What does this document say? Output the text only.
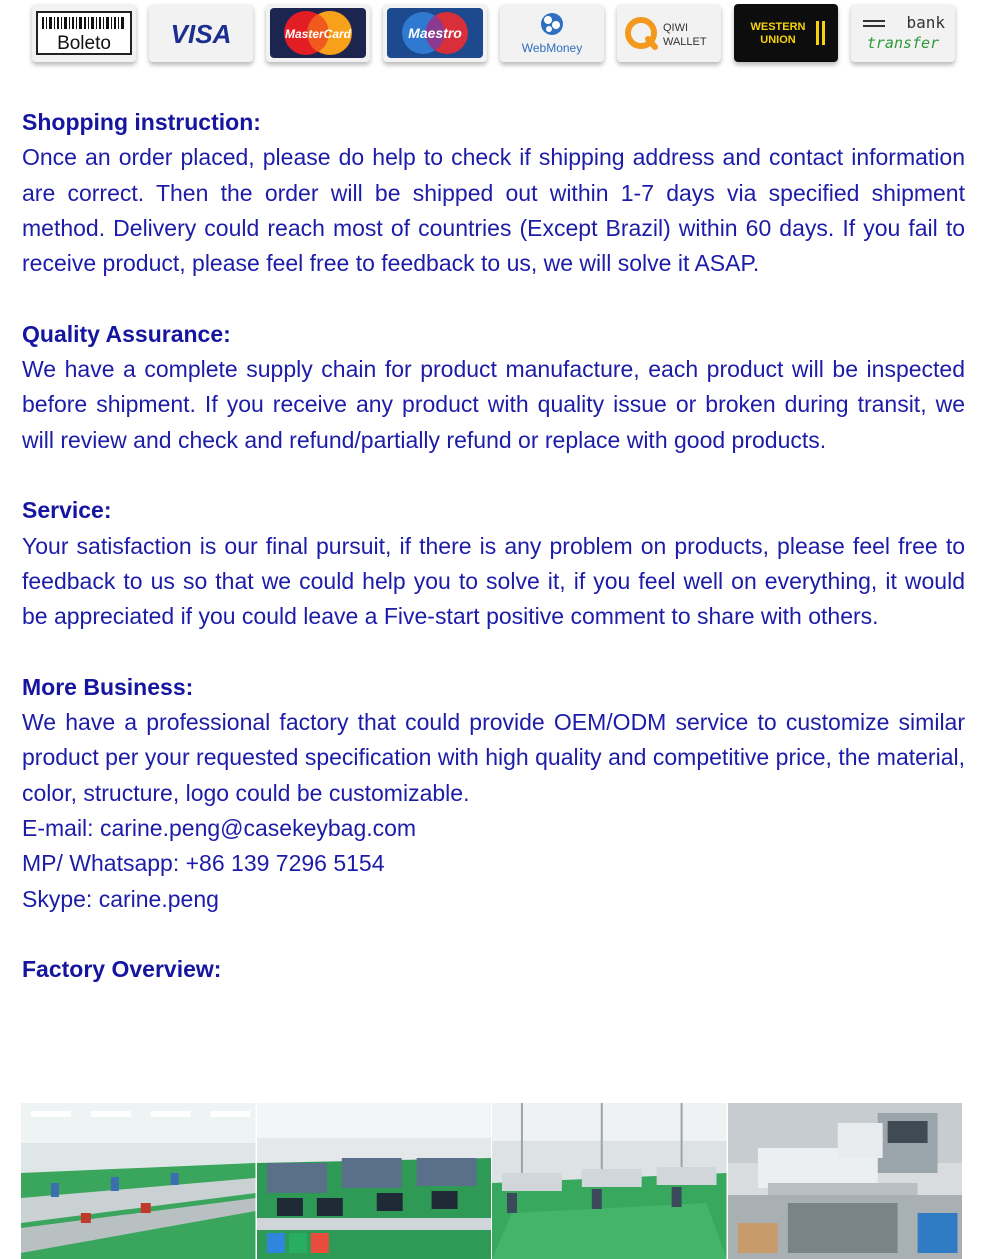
Boleto VISA	MasterCard	Maestro
WebMoney
QIWI
WALLET
WESTERN
UNION
bank
transfer
Shopping instruction:
Once an order placed, please do help to check if shipping address and contact information are correct. Then the order will be shipped out within 1-7 days via specified shipment method. Delivery could reach most of countries (Except Brazil) within 60 days. If you fail to receive product, please feel free to feedback to us, we will solve it ASAP.
Quality Assurance:
We have a complete supply chain for product manufacture, each product will be inspected before shipment. If you receive any product with quality issue or broken during transit, we will review and check and refund/partially refund or replace with good products.
Service:
Your satisfaction is our final pursuit, if there is any problem on products, please feel free to feedback to us so that we could help you to solve it, if you feel well on everything, it would be appreciated if you could leave a Five-start positive comment to share with others.
More Business:
We have a professional factory that could provide OEM/ODM service to customize similar product per your requested specification with high quality and competitive price, the material, color, structure, logo could be customizable.
E-mail: carine.peng@casekeybag.com
MP/ Whatsapp: +86 139 7296 5154
Skype: carine.peng
Factory Overview:
